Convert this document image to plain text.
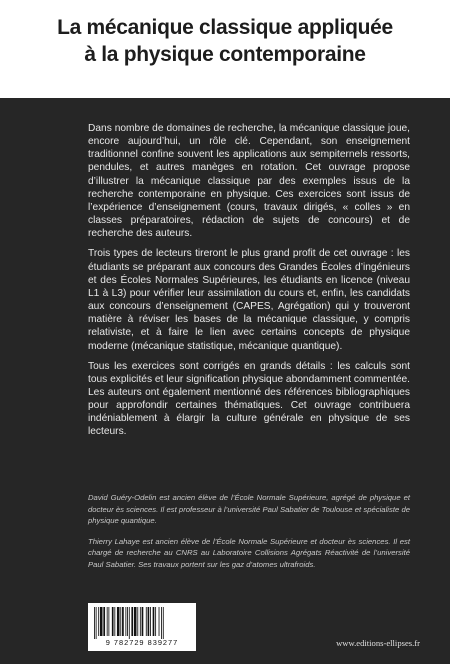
La mécanique classique appliquée
à la physique contemporaine

Dans nombre de domaines de recherche, la mécanique classique joue, encore aujourd’hui, un rôle clé. Cependant, son enseignement traditionnel confine souvent les applications aux sempiternels ressorts, pendules, et autres manèges en rotation. Cet ouvrage propose d’illustrer la mécanique classique par des exemples issus de la recherche contemporaine en physique. Ces exercices sont issus de l’expérience d’enseignement (cours, travaux dirigés, « colles » en classes préparatoires, rédaction de sujets de concours) et de recherche des auteurs.

Trois types de lecteurs tireront le plus grand profit de cet ouvrage : les étudiants se préparant aux concours des Grandes Écoles d’ingénieurs et des Écoles Normales Supérieures, les étudiants en licence (niveau L1 à L3) pour vérifier leur assimilation du cours et, enfin, les candidats aux concours d’enseignement (CAPES, Agrégation) qui y trouveront matière à réviser les bases de la mécanique classique, y compris relativiste, et à faire le lien avec certains concepts de physique moderne (mécanique statistique, mécanique quantique).

Tous les exercices sont corrigés en grands détails : les calculs sont tous explicités et leur signification physique abondamment commentée. Les auteurs ont également mentionné des références bibliographiques pour approfondir certaines thématiques. Cet ouvrage contribuera indéniablement à élargir la culture générale en physique de ses lecteurs.

David Guéry-Odelin est ancien élève de l’École Normale Supérieure, agrégé de physique et docteur ès sciences. Il est professeur à l’université Paul Sabatier de Toulouse et spécialiste de physique quantique.

Thierry Lahaye est ancien élève de l’École Normale Supérieure et docteur ès sciences. Il est chargé de recherche au CNRS au Laboratoire Collisions Agrégats Réactivité de l’université Paul Sabatier. Ses travaux portent sur les gaz d’atomes ultrafroids.

9 782729 839277	www.editions-ellipses.fr
